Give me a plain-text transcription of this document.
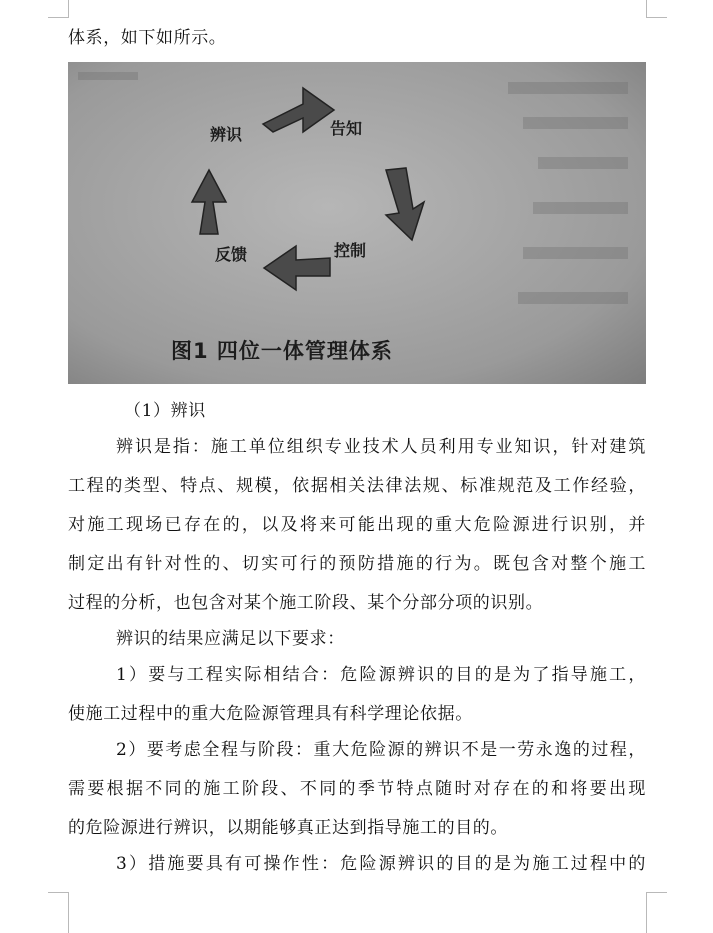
体系，如下如所示。
辨识	告知
控制
反馈
图1 四位一体管理体系
（1）辨识
辨识是指：施工单位组织专业技术人员利用专业知识，针对建筑
工程的类型、特点、规模，依据相关法律法规、标准规范及工作经验，
对施工现场已存在的，以及将来可能出现的重大危险源进行识别，并
制定出有针对性的、切实可行的预防措施的行为。既包含对整个施工
过程的分析，也包含对某个施工阶段、某个分部分项的识别。
辨识的结果应满足以下要求：
1）要与工程实际相结合：危险源辨识的目的是为了指导施工，
使施工过程中的重大危险源管理具有科学理论依据。
2）要考虑全程与阶段：重大危险源的辨识不是一劳永逸的过程，
需要根据不同的施工阶段、不同的季节特点随时对存在的和将要出现
的危险源进行辨识，以期能够真正达到指导施工的目的。
3）措施要具有可操作性：危险源辨识的目的是为施工过程中的
